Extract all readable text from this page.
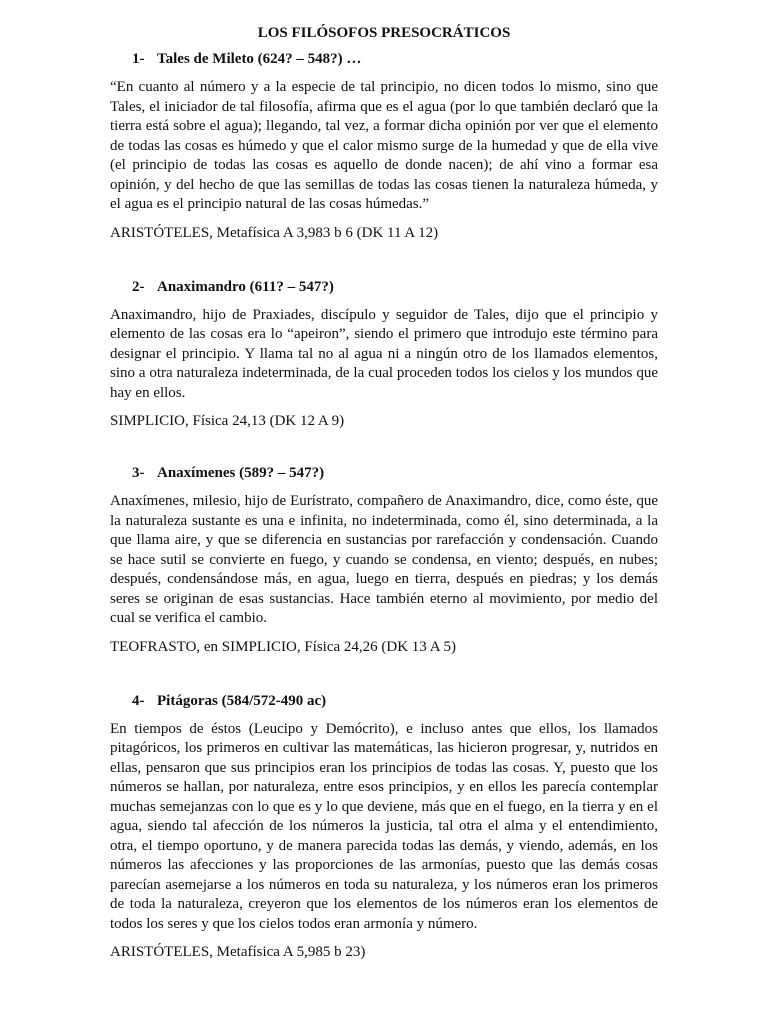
LOS FILÓSOFOS PRESOCRÁTICOS
1- Tales de Mileto (624? – 548?) …

“En cuanto al número y a la especie de tal principio, no dicen todos lo mismo, sino que Tales, el iniciador de tal filosofía, afirma que es el agua (por lo que también declaró que la tierra está sobre el agua); llegando, tal vez, a formar dicha opinión por ver que el elemento de todas las cosas es húmedo y que el calor mismo surge de la humedad y que de ella vive (el principio de todas las cosas es aquello de donde nacen); de ahí vino a formar esa opinión, y del hecho de que las semillas de todas las cosas tienen la naturaleza húmeda, y el agua es el principio natural de las cosas húmedas.”

ARISTÓTELES, Metafísica A 3,983 b 6 (DK 11 A 12)

2- Anaximandro (611? – 547?)

Anaximandro, hijo de Praxiades, discípulo y seguidor de Tales, dijo que el principio y elemento de las cosas era lo “apeiron”, siendo el primero que introdujo este término para designar el principio. Y llama tal no al agua ni a ningún otro de los llamados elementos, sino a otra naturaleza indeterminada, de la cual proceden todos los cielos y los mundos que hay en ellos.

SIMPLICIO, Física 24,13 (DK 12 A 9)

3- Anaxímenes (589? – 547?)

Anaxímenes, milesio, hijo de Eurístrato, compañero de Anaximandro, dice, como éste, que la naturaleza sustante es una e infinita, no indeterminada, como él, sino determinada, a la que llama aire, y que se diferencia en sustancias por rarefacción y condensación. Cuando se hace sutil se convierte en fuego, y cuando se condensa, en viento; después, en nubes; después, condensándose más, en agua, luego en tierra, después en piedras; y los demás seres se originan de esas sustancias. Hace también eterno al movimiento, por medio del cual se verifica el cambio.

TEOFRASTO, en SIMPLICIO, Física 24,26 (DK 13 A 5)

4- Pitágoras (584/572-490 ac)

En tiempos de éstos (Leucipo y Demócrito), e incluso antes que ellos, los llamados pitagóricos, los primeros en cultivar las matemáticas, las hicieron progresar, y, nutridos en ellas, pensaron que sus principios eran los principios de todas las cosas. Y, puesto que los números se hallan, por naturaleza, entre esos principios, y en ellos les parecía contemplar muchas semejanzas con lo que es y lo que deviene, más que en el fuego, en la tierra y en el agua, siendo tal afección de los números la justicia, tal otra el alma y el entendimiento, otra, el tiempo oportuno, y de manera parecida todas las demás, y viendo, además, en los números las afecciones y las proporciones de las armonías, puesto que las demás cosas parecían asemejarse a los números en toda su naturaleza, y los números eran los primeros de toda la naturaleza, creyeron que los elementos de los números eran los elementos de todos los seres y que los cielos todos eran armonía y número.

ARISTÓTELES, Metafísica A 5,985 b 23)
